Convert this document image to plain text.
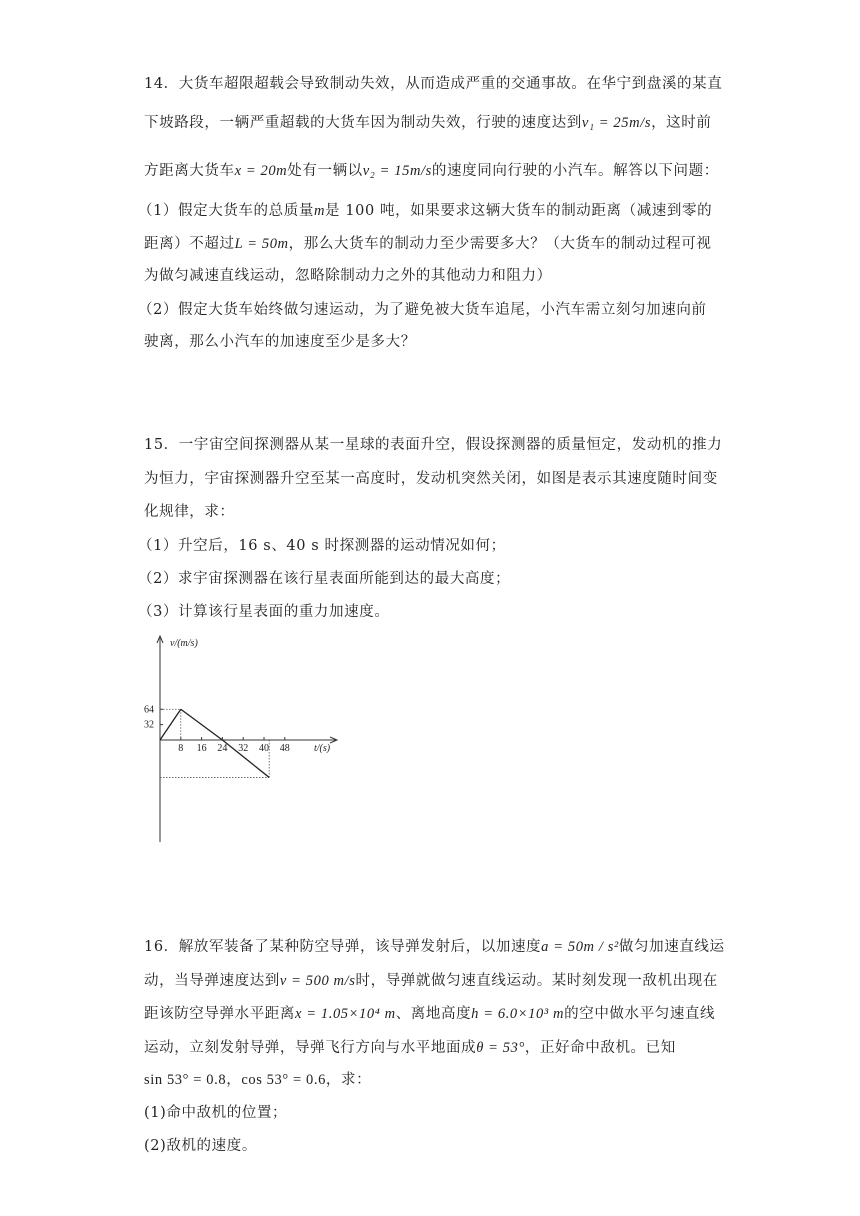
14．大货车超限超载会导致制动失效，从而造成严重的交通事故。在华宁到盘溪的某直
下坡路段，一辆严重超载的大货车因为制动失效，行驶的速度达到v₁ = 25m/s，这时前
方距离大货车x = 20m处有一辆以v₂ = 15m/s的速度同向行驶的小汽车。解答以下问题：
（1）假定大货车的总质量m是 100 吨，如果要求这辆大货车的制动距离（减速到零的
距离）不超过L = 50m，那么大货车的制动力至少需要多大？（大货车的制动过程可视
为做匀减速直线运动，忽略除制动力之外的其他动力和阻力）
（2）假定大货车始终做匀速运动，为了避免被大货车追尾，小汽车需立刻匀加速向前
驶离，那么小汽车的加速度至少是多大？
15．一宇宙空间探测器从某一星球的表面升空，假设探测器的质量恒定，发动机的推力
为恒力，宇宙探测器升空至某一高度时，发动机突然关闭，如图是表示其速度随时间变
化规律，求：
（1）升空后，16 s、40 s 时探测器的运动情况如何；
（2）求宇宙探测器在该行星表面所能到达的最大高度；
（3）计算该行星表面的重力加速度。
v/(m/s)
t/(s)
8 16 24 32 40 48
64
32
16．解放军装备了某种防空导弹，该导弹发射后，以加速度a = 50m / s²做匀加速直线运
动，当导弹速度达到v = 500 m/s时，导弹就做匀速直线运动。某时刻发现一敌机出现在
距该防空导弹水平距离x = 1.05×10⁴ m、离地高度h = 6.0×10³ m的空中做水平匀速直线
运动，立刻发射导弹，导弹飞行方向与水平地面成θ = 53°，正好命中敌机。已知
sin 53° = 0.8，cos 53° = 0.6，求：
(1)命中敌机的位置；
(2)敌机的速度。
